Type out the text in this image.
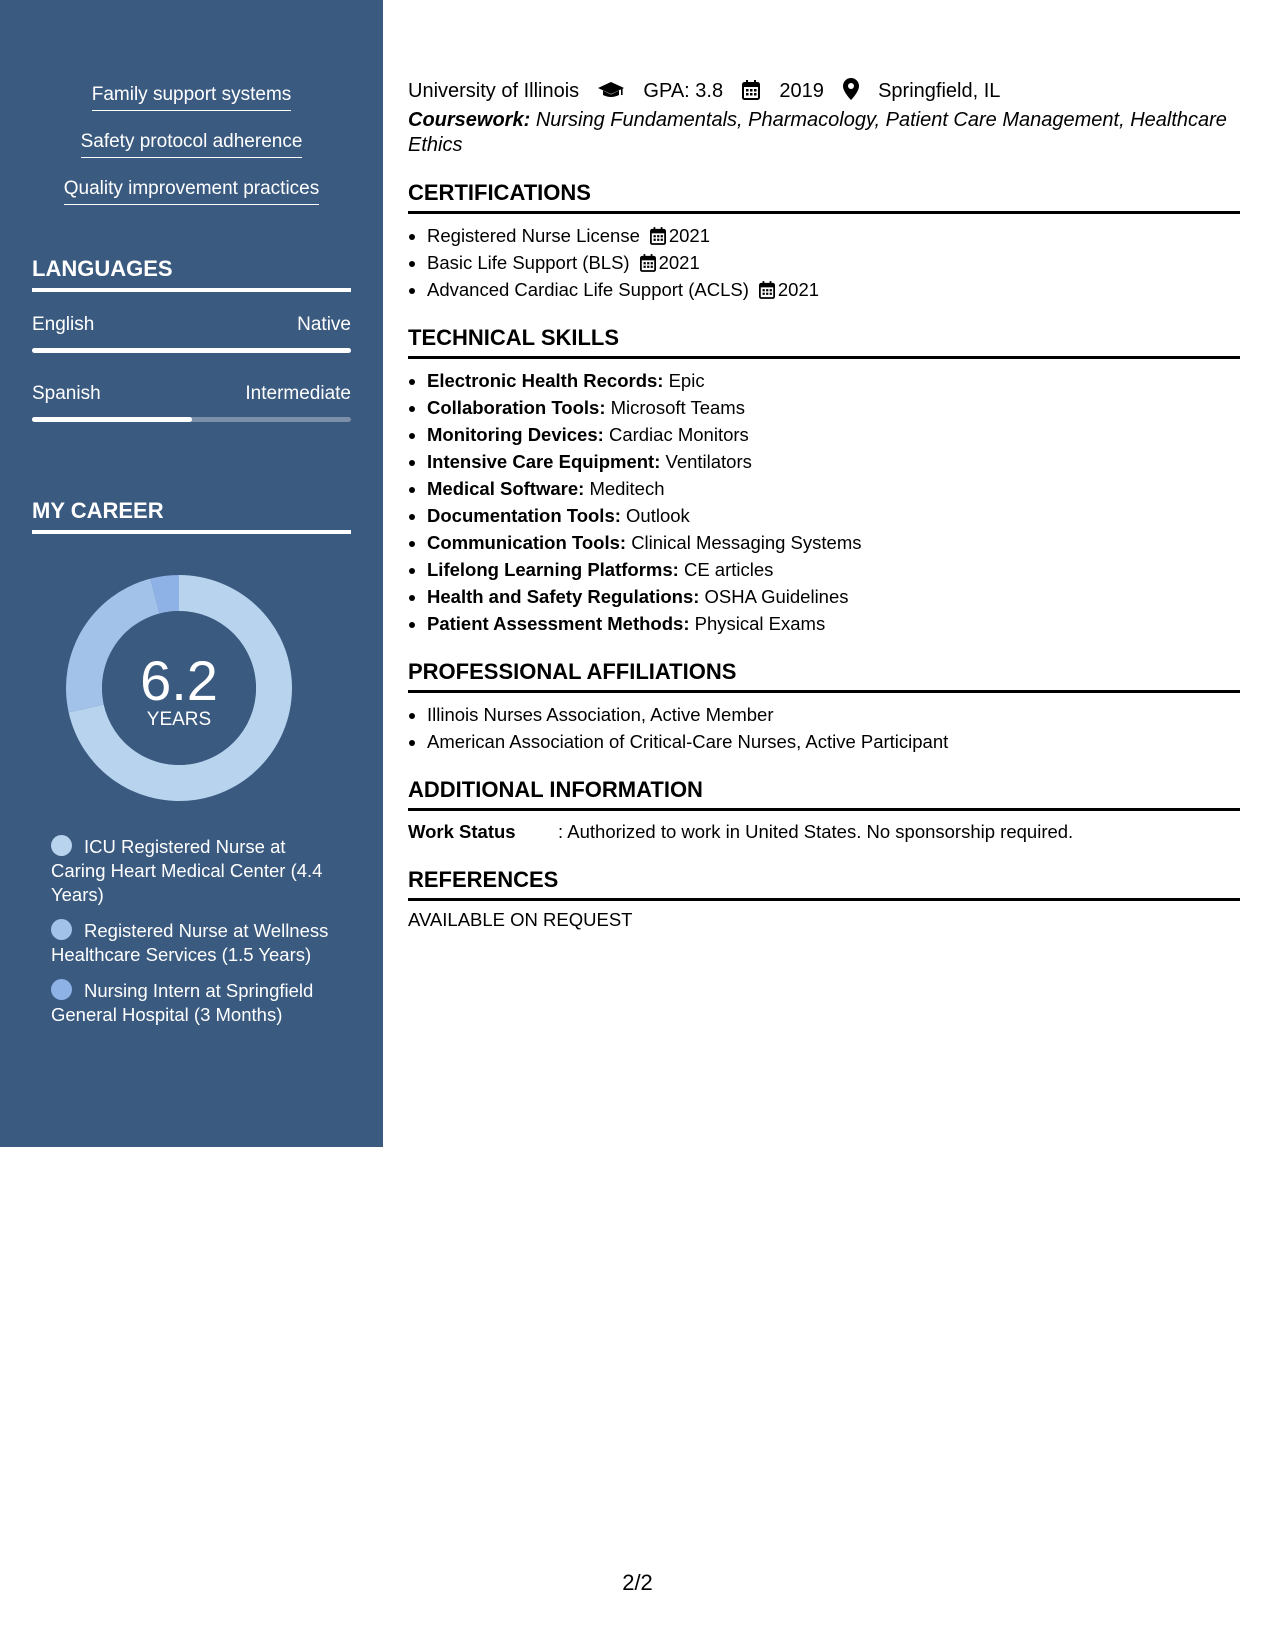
Family support systems
Safety protocol adherence
Quality improvement practices
LANGUAGES
English	Native
Spanish	Intermediate
MY CAREER
6.2
YEARS
ICU Registered Nurse at Caring Heart Medical Center (4.4 Years)
Registered Nurse at Wellness Healthcare Services (1.5 Years)
Nursing Intern at Springfield General Hospital (3 Months)
University of Illinois	GPA: 3.8	2019	Springfield, IL
Coursework: Nursing Fundamentals, Pharmacology, Patient Care Management, Healthcare Ethics
CERTIFICATIONS
• Registered Nurse License 2021
• Basic Life Support (BLS) 2021
• Advanced Cardiac Life Support (ACLS) 2021
TECHNICAL SKILLS
• Electronic Health Records: Epic
• Collaboration Tools: Microsoft Teams
• Monitoring Devices: Cardiac Monitors
• Intensive Care Equipment: Ventilators
• Medical Software: Meditech
• Documentation Tools: Outlook
• Communication Tools: Clinical Messaging Systems
• Lifelong Learning Platforms: CE articles
• Health and Safety Regulations: OSHA Guidelines
• Patient Assessment Methods: Physical Exams
PROFESSIONAL AFFILIATIONS
• Illinois Nurses Association, Active Member
• American Association of Critical-Care Nurses, Active Participant
ADDITIONAL INFORMATION
Work Status : Authorized to work in United States. No sponsorship required.
REFERENCES
AVAILABLE ON REQUEST
2/2
